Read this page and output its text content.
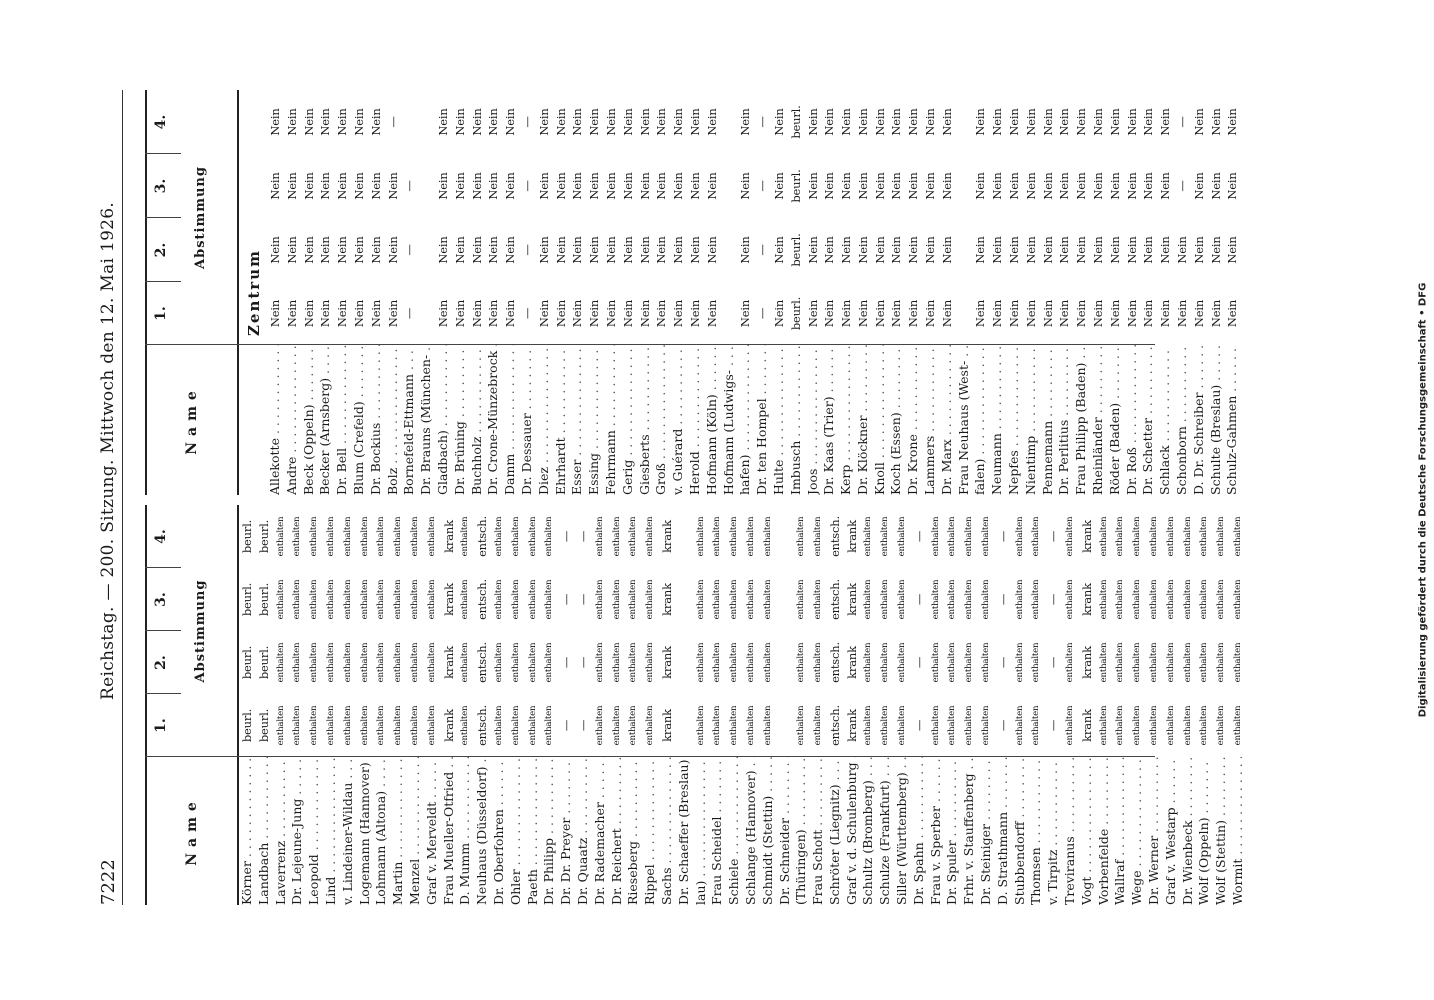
7222
Reichstag. — 200. Sitzung. Mittwoch den 12. Mai 1926.
Name
1.
2.
3.
4.
Abstimmung
Körner . . .
beurl.
beurl.
beurl.
beurl.
Landbach . . .
beurl.
beurl.
beurl.
beurl.
Laverrenz . . .
enthalten
enthalten
enthalten
enthalten
Dr. Lejeune-Jung . . .
enthalten
enthalten
enthalten
enthalten
Leopold . . .
enthalten
enthalten
enthalten
enthalten
Lind . . .
enthalten
enthalten
enthalten
enthalten
v. Lindeiner-Wildau . . .
enthalten
enthalten
enthalten
enthalten
Logemann (Hannover) . . .
enthalten
enthalten
enthalten
enthalten
Lohmann (Altona) . . .
enthalten
enthalten
enthalten
enthalten
Martin . . .
enthalten
enthalten
enthalten
enthalten
Menzel . . .
enthalten
enthalten
enthalten
enthalten
Graf v. Merveldt . . .
enthalten
enthalten
enthalten
enthalten
Frau Mueller-Otfried . . .
krank
krank
krank
krank
D. Mumm . . .
enthalten
enthalten
enthalten
enthalten
Neuhaus (Düsseldorf) . . .
entsch.
entsch.
entsch.
entsch.
Dr. Oberfohren . . .
enthalten
enthalten
enthalten
enthalten
Ohler . . .
enthalten
enthalten
enthalten
enthalten
Paeth . . .
enthalten
enthalten
enthalten
enthalten
Dr. Philipp . . .
enthalten
enthalten
enthalten
enthalten
Dr. Dr. Preyer . . .
—
—
—
—
Dr. Quaatz . . .
—
—
—
—
Dr. Rademacher . . .
enthalten
enthalten
enthalten
enthalten
Dr. Reichert . . .
enthalten
enthalten
enthalten
enthalten
Rieseberg . . .
enthalten
enthalten
enthalten
enthalten
Rippel . . .
enthalten
enthalten
enthalten
enthalten
Sachs . . .
krank
krank
krank
krank
Dr. Schaeffer (Breslau) . . . lau) . . .
enthalten
enthalten
enthalten
enthalten
Frau Scheidel . . .
enthalten
enthalten
enthalten
enthalten
Schiele . . .
enthalten
enthalten
enthalten
enthalten
Schlange (Hannover) . . .
enthalten
enthalten
enthalten
enthalten
Schmidt (Stettin) . . .
enthalten
enthalten
enthalten
enthalten
Dr. Schneider . . . (Thüringen) . . .
enthalten
enthalten
enthalten
enthalten
Frau Schott . . .
enthalten
enthalten
enthalten
enthalten
Schröter (Liegnitz) . . .
entsch.
entsch.
entsch.
entsch.
Graf v. d. Schulenburg . . .
krank
krank
krank
krank
Schultz (Bromberg) . . .
enthalten
enthalten
enthalten
enthalten
Schulze (Frankfurt) . . .
enthalten
enthalten
enthalten
enthalten
Siller (Württemberg) . . .
enthalten
enthalten
enthalten
enthalten
Dr. Spahn . . .
—
—
—
—
Frau v. Sperber . . .
enthalten
enthalten
enthalten
enthalten
Dr. Spuler . . .
enthalten
enthalten
enthalten
enthalten
Frhr. v. Stauffenberg . . .
enthalten
enthalten
enthalten
enthalten
Dr. Steiniger . . .
enthalten
enthalten
enthalten
enthalten
D. Strathmann . . .
—
—
—
—
Stubbendorff . . .
enthalten
enthalten
enthalten
enthalten
Thomsen . . .
enthalten
enthalten
enthalten
enthalten
v. Tirpitz . . .
—
—
—
—
Treviranus . . .
enthalten
enthalten
enthalten
enthalten
Vogt . . .
krank
krank
krank
krank
Vorbenfelde . . .
enthalten
enthalten
enthalten
enthalten
Wallraf . . .
enthalten
enthalten
enthalten
enthalten
Wege . . .
enthalten
enthalten
enthalten
enthalten
Dr. Werner . . .
enthalten
enthalten
enthalten
enthalten
Graf v. Westarp . . .
enthalten
enthalten
enthalten
enthalten
Dr. Wienbeck . . .
enthalten
enthalten
enthalten
enthalten
Wolf (Oppeln) . . .
enthalten
enthalten
enthalten
enthalten
Wolf (Stettin) . . .
enthalten
enthalten
enthalten
enthalten
Wormit . . .
enthalten
enthalten
enthalten
enthalten
Name
1.
2.
3.
4.
Abstimmung
Zentrum
Allekotte . . .
Nein
Nein
Nein
Nein
Andre . . .
Nein
Nein
Nein
Nein
Beck (Oppeln) . . .
Nein
Nein
Nein
Nein
Becker (Arnsberg) . . .
Nein
Nein
Nein
Nein
Dr. Bell . . .
Nein
Nein
Nein
Nein
Blum (Crefeld) . . .
Nein
Nein
Nein
Nein
Dr. Bockius . . .
Nein
Nein
Nein
Nein
Bolz . . .
Nein
Nein
Nein
—
Bornefeld-Ettmann . . .
—
—
—
Dr. Brauns (München- . . . Gladbach) . . .
Nein
Nein
Nein
Nein
Dr. Brüning . . .
Nein
Nein
Nein
Nein
Buchholz . . .
Nein
Nein
Nein
Nein
Dr. Crone-Münzebrock . . .
Nein
Nein
Nein
Nein
Damm . . .
Nein
Nein
Nein
Nein
Dr. Dessauer . . .
—
—
—
—
Diez . . .
Nein
Nein
Nein
Nein
Ehrhardt . . .
Nein
Nein
Nein
Nein
Esser . . .
Nein
Nein
Nein
Nein
Essing . . .
Nein
Nein
Nein
Nein
Fehrmann . . .
Nein
Nein
Nein
Nein
Gerig . . .
Nein
Nein
Nein
Nein
Giesberts . . .
Nein
Nein
Nein
Nein
Groß . . .
Nein
Nein
Nein
Nein
v. Guérard . . .
Nein
Nein
Nein
Nein
Herold . . .
Nein
Nein
Nein
Nein
Hofmann (Köln) . . .
Nein
Nein
Nein
Nein
Hofmann (Ludwigs- . . . hafen) . . .
Nein
Nein
Nein
Nein
Dr. ten Hompel . . .
—
—
—
—
Hulte . . .
Nein
Nein
Nein
Nein
Imbusch . . .
beurl.
beurl.
beurl.
beurl.
Joos . . .
Nein
Nein
Nein
Nein
Dr. Kaas (Trier) . . .
Nein
Nein
Nein
Nein
Kerp . . .
Nein
Nein
Nein
Nein
Dr. Klöckner . . .
Nein
Nein
Nein
Nein
Knoll . . .
Nein
Nein
Nein
Nein
Koch (Essen) . . .
Nein
Nein
Nein
Nein
Dr. Krone . . .
Nein
Nein
Nein
Nein
Lammers . . .
Nein
Nein
Nein
Nein
Dr. Marx . . .
Nein
Nein
Nein
Nein
Frau Neuhaus (West- . . . falen) . . .
Nein
Nein
Nein
Nein
Neumann . . .
Nein
Nein
Nein
Nein
Nepfes . . .
Nein
Nein
Nein
Nein
Nientimp . . .
Nein
Nein
Nein
Nein
Pennemann . . .
Nein
Nein
Nein
Nein
Dr. Perlitius . . .
Nein
Nein
Nein
Nein
Frau Philipp (Baden) . . .
Nein
Nein
Nein
Nein
Rheinländer . . .
Nein
Nein
Nein
Nein
Röder (Baden) . . .
Nein
Nein
Nein
Nein
Dr. Roß . . .
Nein
Nein
Nein
Nein
Dr. Schetter . . .
Nein
Nein
Nein
Nein
Schlack . . .
Nein
Nein
Nein
Nein
Schonborn . . .
Nein
Nein
—
—
D. Dr. Schreiber . . .
Nein
Nein
Nein
Nein
Schulte (Breslau) . . .
Nein
Nein
Nein
Nein
Schulz-Gahmen . . .
Nein
Nein
Nein
Nein
Digitalisierung gefördert durch die Deutsche Forschungsgemeinschaft • DFG
